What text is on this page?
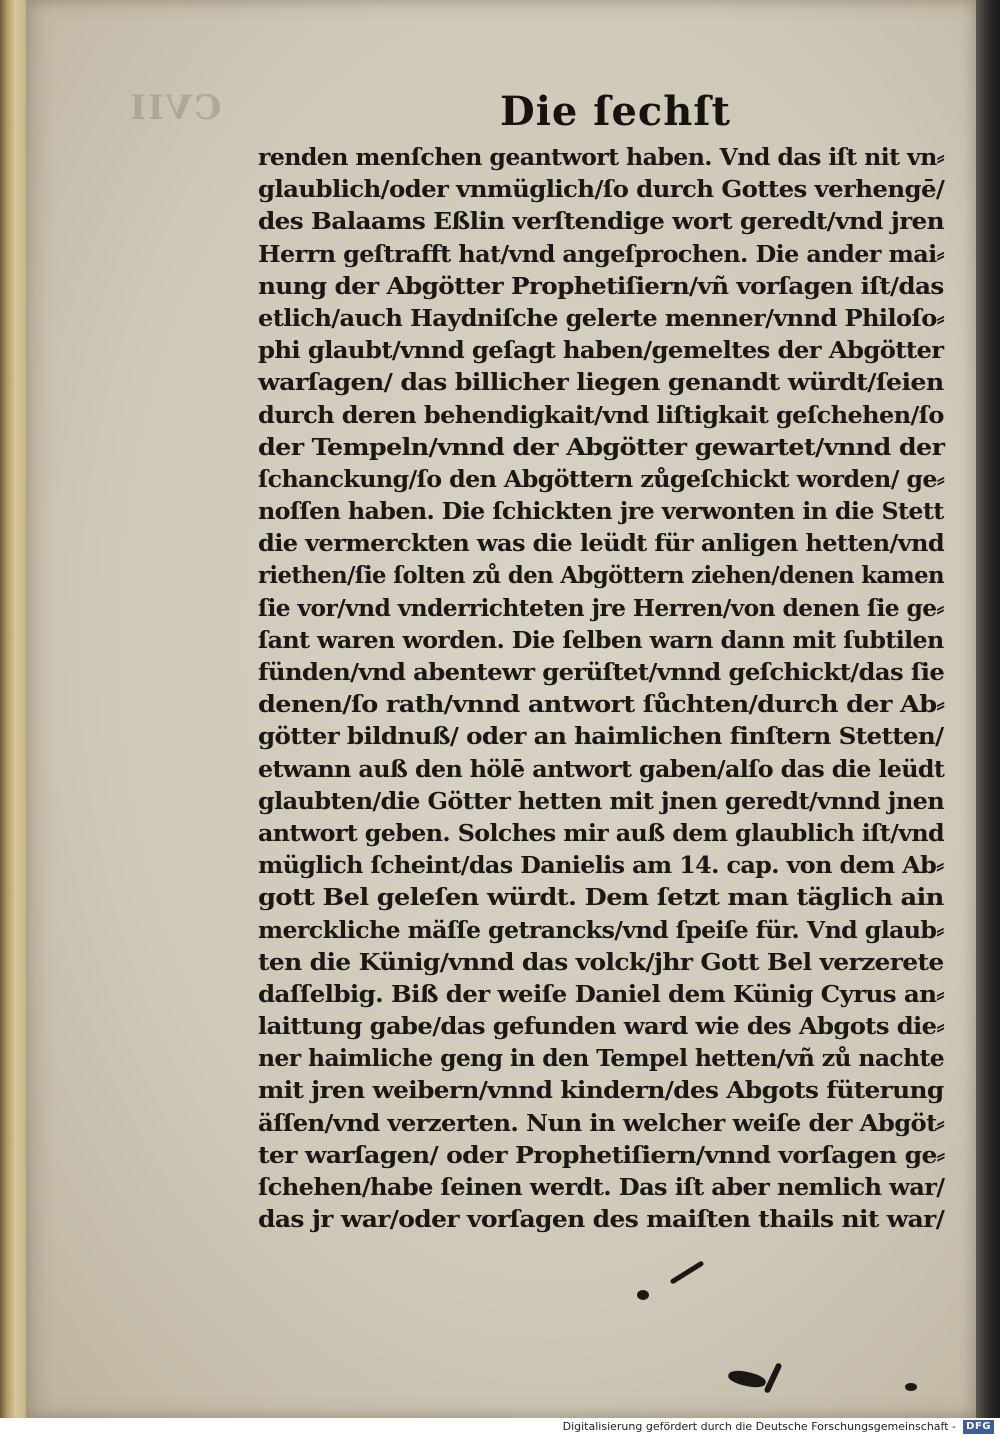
CVII	Die ſechſt
renden menſchen geantwort haben. Vnd das iſt nit vn⸗
glaublich/oder vnmüglich/ſo durch Gottes verhengē/
des Balaams Eßlin verſtendige wort geredt/vnd jren
Herrn geſtrafft hat/vnd angeſprochen. Die ander mai⸗
nung der Abgötter Prophetiſiern/vñ vorſagen iſt/das
etlich/auch Haydniſche gelerte menner/vnnd Philoſo⸗
phi glaubt/vnnd geſagt haben/gemeltes der Abgötter
warſagen/ das billicher liegen genandt würdt/ſeien
durch deren behendigkait/vnd liſtigkait geſchehen/ſo
der Tempeln/vnnd der Abgötter gewartet/vnnd der
ſchanckung/ſo den Abgöttern zůgeſchickt worden/ ge⸗
noſſen haben. Die ſchickten jre verwonten in die Stett
die vermerckten was die leüdt für anligen hetten/vnd
riethen/ſie ſolten zů den Abgöttern ziehen/denen kamen
ſie vor/vnd vnderrichteten jre Herren/von denen ſie ge⸗
ſant waren worden. Die ſelben warn dann mit ſubtilen
fünden/vnd abentewr gerüſtet/vnnd geſchickt/das ſie
denen/ſo rath/vnnd antwort ſůchten/durch der Ab⸗
götter bildnuß/ oder an haimlichen finſtern Stetten/
etwann auß den hölē antwort gaben/alſo das die leüdt
glaubten/die Götter hetten mit jnen geredt/vnnd jnen
antwort geben. Solches mir auß dem glaublich iſt/vnd
müglich ſcheint/das Danielis am 14. cap. von dem Ab⸗
gott Bel geleſen würdt. Dem ſetzt man täglich ain
merckliche mäſſe getrancks/vnd ſpeiſe für. Vnd glaub⸗
ten die Künig/vnnd das volck/jhr Gott Bel verzerete
daſſelbig. Biß der weiſe Daniel dem Künig Cyrus an⸗
laittung gabe/das gefunden ward wie des Abgots die⸗
ner haimliche geng in den Tempel hetten/vñ zů nachte
mit jren weibern/vnnd kindern/des Abgots füterung
äſſen/vnd verzerten. Nun in welcher weiſe der Abgöt⸗
ter warſagen/ oder Prophetiſiern/vnnd vorſagen ge⸗
ſchehen/habe ſeinen werdt. Das iſt aber nemlich war/
das jr war/oder vorſagen des maiſten thails nit war/
Digitalisierung gefördert durch die Deutsche Forschungsgemeinschaft -	DFG
